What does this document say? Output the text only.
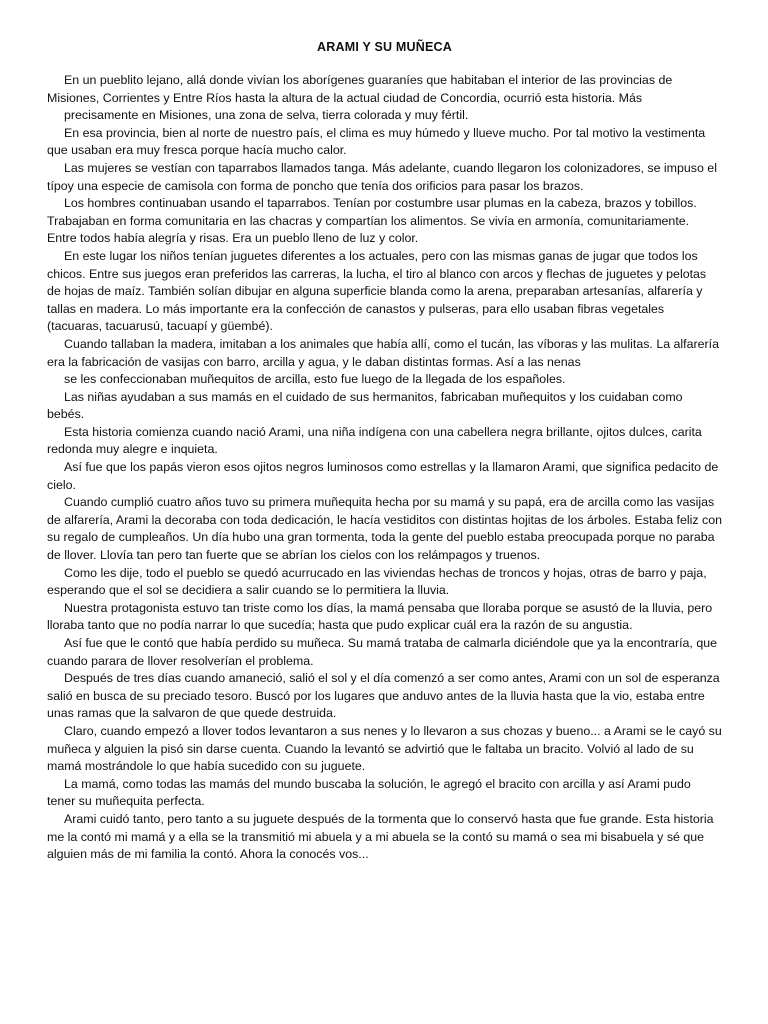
ARAMI Y SU MUÑECA

En un pueblito lejano, allá donde vivían los aborígenes guaraníes que habitaban el interior de las provincias de Misiones, Corrientes y Entre Ríos hasta la altura de la actual ciudad de Concordia, ocurrió esta historia. Más

precisamente en Misiones, una zona de selva, tierra colorada y muy fértil.

En esa provincia, bien al norte de nuestro país, el clima es muy húmedo y llueve mucho. Por tal motivo la vestimenta que usaban era muy fresca porque hacía mucho calor.

Las mujeres se vestían con taparrabos llamados tanga. Más adelante, cuando llegaron los colonizadores, se impuso el típoy una especie de camisola con forma de poncho que tenía dos orificios para pasar los brazos.

Los hombres continuaban usando el taparrabos. Tenían por costumbre usar plumas en la cabeza, brazos y tobillos. Trabajaban en forma comunitaria en las chacras y compartían los alimentos. Se vivía en armonía, comunitariamente. Entre todos había alegría y risas. Era un pueblo lleno de luz y color.

En este lugar los niños tenían juguetes diferentes a los actuales, pero con las mismas ganas de jugar que todos los chicos. Entre sus juegos eran preferidos las carreras, la lucha, el tiro al blanco con arcos y flechas de juguetes y pelotas de hojas de maíz. También solían dibujar en alguna superficie blanda como la arena, preparaban artesanías, alfarería y tallas en madera. Lo más importante era la confección de canastos y pulseras, para ello usaban fibras vegetales (tacuaras, tacuarusú, tacuapí y güembé).

Cuando tallaban la madera, imitaban a los animales que había allí, como el tucán, las víboras y las mulitas. La alfarería era la fabricación de vasijas con barro, arcilla y agua, y le daban distintas formas. Así a las nenas

se les confeccionaban muñequitos de arcilla, esto fue luego de la llegada de los españoles.

Las niñas ayudaban a sus mamás en el cuidado de sus hermanitos, fabricaban muñequitos y los cuidaban como bebés.

Esta historia comienza cuando nació Arami, una niña indígena con una cabellera negra brillante, ojitos dulces, carita redonda muy alegre e inquieta.

Así fue que los papás vieron esos ojitos negros luminosos como estrellas y la llamaron Arami, que significa pedacito de cielo.

Cuando cumplió cuatro años tuvo su primera muñequita hecha por su mamá y su papá, era de arcilla como las vasijas de alfarería, Arami la decoraba con toda dedicación, le hacía vestiditos con distintas hojitas de los árboles. Estaba feliz con su regalo de cumpleaños. Un día hubo una gran tormenta, toda la gente del pueblo estaba preocupada porque no paraba de llover. Llovía tan pero tan fuerte que se abrían los cielos con los relámpagos y truenos.

Como les dije, todo el pueblo se quedó acurrucado en las viviendas hechas de troncos y hojas, otras de barro y paja, esperando que el sol se decidiera a salir cuando se lo permitiera la lluvia.

Nuestra protagonista estuvo tan triste como los días, la mamá pensaba que lloraba porque se asustó de la lluvia, pero lloraba tanto que no podía narrar lo que sucedía; hasta que pudo explicar cuál era la razón de su angustia.

Así fue que le contó que había perdido su muñeca. Su mamá trataba de calmarla diciéndole que ya la encontraría, que cuando parara de llover resolverían el problema.

Después de tres días cuando amaneció, salió el sol y el día comenzó a ser como antes, Arami con un sol de esperanza salió en busca de su preciado tesoro. Buscó por los lugares que anduvo antes de la lluvia hasta que la vio, estaba entre unas ramas que la salvaron de que quede destruida.

Claro, cuando empezó a llover todos levantaron a sus nenes y lo llevaron a sus chozas y bueno... a Arami se le cayó su muñeca y alguien la pisó sin darse cuenta. Cuando la levantó se advirtió que le faltaba un bracito. Volvió al lado de su mamá mostrándole lo que había sucedido con su juguete.

La mamá, como todas las mamás del mundo buscaba la solución, le agregó el bracito con arcilla y así Arami pudo tener su muñequita perfecta.

Arami cuidó tanto, pero tanto a su juguete después de la tormenta que lo conservó hasta que fue grande. Esta historia me la contó mi mamá y a ella se la transmitió mi abuela y a mi abuela se la contó su mamá o sea mi bisabuela y sé que alguien más de mi familia la contó. Ahora la conocés vos...
